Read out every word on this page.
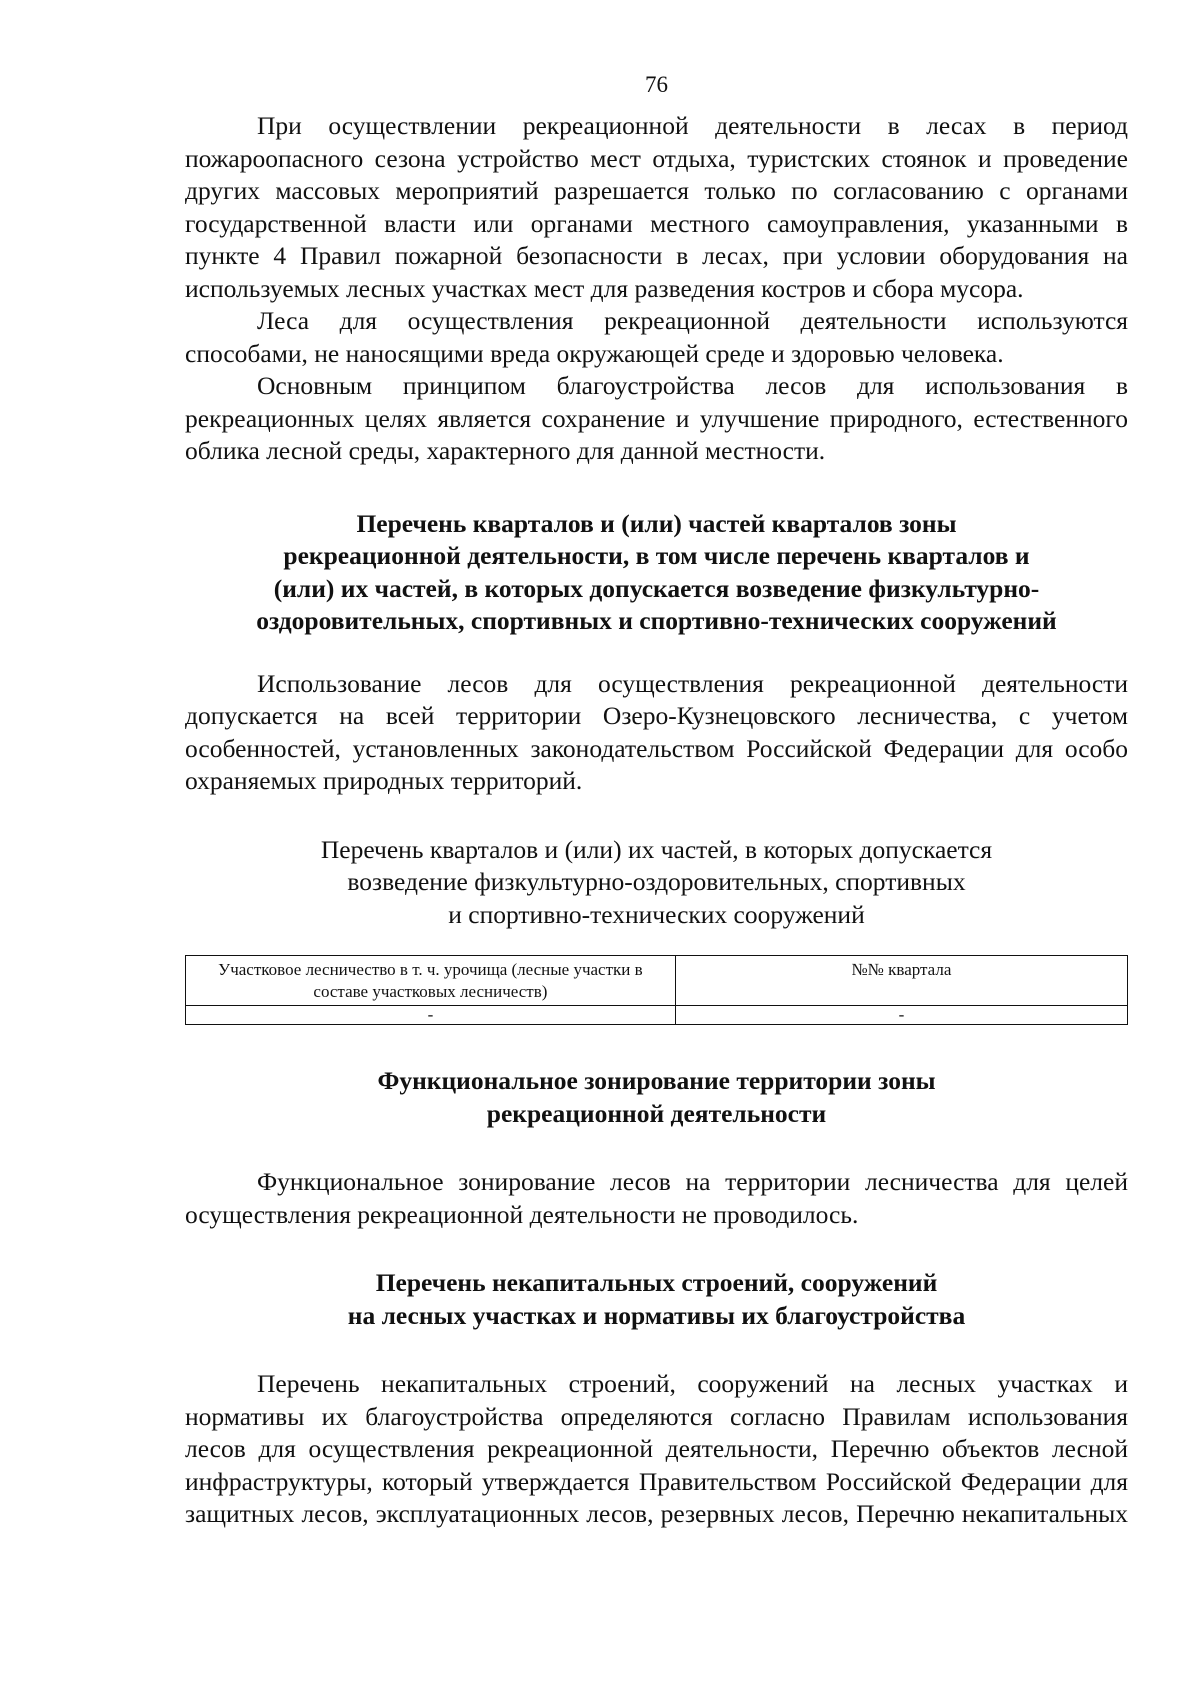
76

При осуществлении рекреационной деятельности в лесах в период пожароопасного сезона устройство мест отдыха, туристских стоянок и проведение других массовых мероприятий разрешается только по согласованию с органами государственной власти или органами местного самоуправления, указанными в пункте 4 Правил пожарной безопасности в лесах, при условии оборудования на используемых лесных участках мест для разведения костров и сбора мусора.

Леса для осуществления рекреационной деятельности используются способами, не наносящими вреда окружающей среде и здоровью человека.

Основным принципом благоустройства лесов для использования в рекреационных целях является сохранение и улучшение природного, естественного облика лесной среды, характерного для данной местности.

Перечень кварталов и (или) частей кварталов зоны
рекреационной деятельности, в том числе перечень кварталов и
(или) их частей, в которых допускается возведение физкультурно-
оздоровительных, спортивных и спортивно-технических сооружений

Использование лесов для осуществления рекреационной деятельности допускается на всей территории Озеро-Кузнецовского лесничества, с учетом особенностей, установленных законодательством Российской Федерации для особо охраняемых природных территорий.

Перечень кварталов и (или) их частей, в которых допускается
возведение физкультурно-оздоровительных, спортивных
и спортивно-технических сооружений
Участковое лесничество в т. ч. урочища (лесные участки в составе участковых лесничеств)	№№ квартала
-	-
Функциональное зонирование территории зоны
рекреационной деятельности

Функциональное зонирование лесов на территории лесничества для целей осуществления рекреационной деятельности не проводилось.

Перечень некапитальных строений, сооружений
на лесных участках и нормативы их благоустройства

Перечень некапитальных строений, сооружений на лесных участках и нормативы их благоустройства определяются согласно Правилам использования лесов для осуществления рекреационной деятельности, Перечню объектов лесной инфраструктуры, который утверждается Правительством Российской Федерации для защитных лесов, эксплуатационных лесов, резервных лесов, Перечню некапитальных
